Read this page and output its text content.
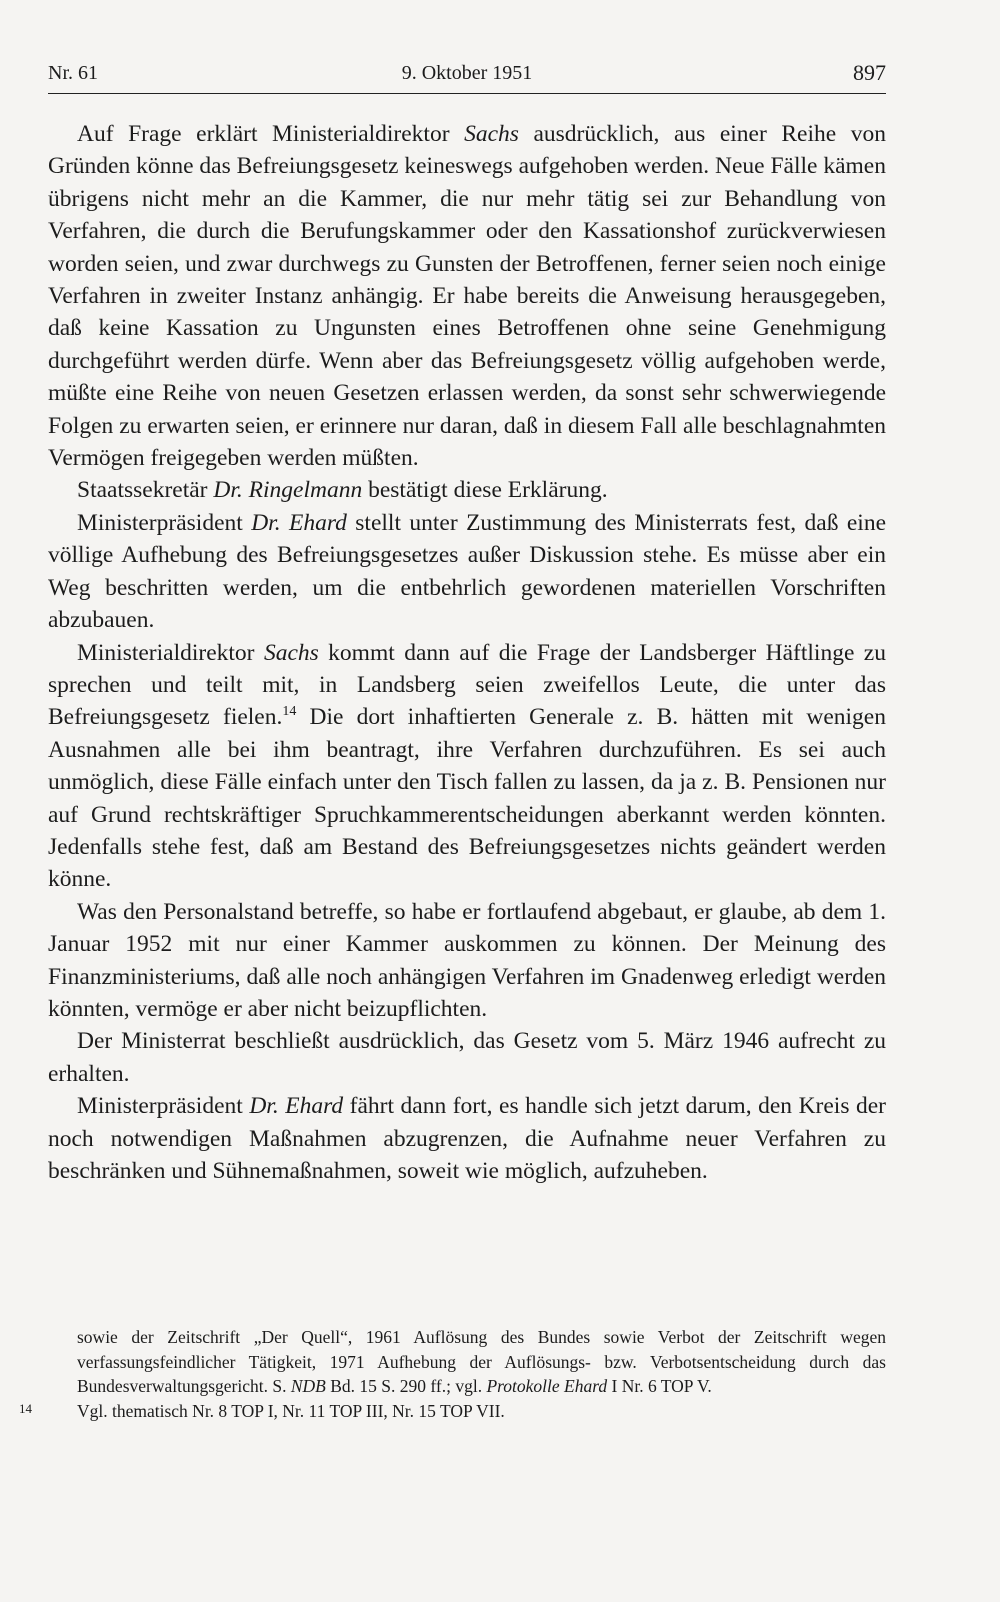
Nr. 61	9. Oktober 1951	897

Auf Frage erklärt Ministerialdirektor Sachs ausdrücklich, aus einer Reihe von Gründen könne das Befreiungsgesetz keineswegs aufgehoben werden. Neue Fälle kämen übrigens nicht mehr an die Kammer, die nur mehr tätig sei zur Behandlung von Verfahren, die durch die Berufungskammer oder den Kassationshof zurückverwiesen worden seien, und zwar durchwegs zu Gunsten der Betroffenen, ferner seien noch einige Verfahren in zweiter Instanz anhängig. Er habe bereits die Anweisung herausgegeben, daß keine Kassation zu Ungunsten eines Betroffenen ohne seine Genehmigung durchgeführt werden dürfe. Wenn aber das Befreiungsgesetz völlig aufgehoben werde, müßte eine Reihe von neuen Gesetzen erlassen werden, da sonst sehr schwerwiegende Folgen zu erwarten seien, er erinnere nur daran, daß in diesem Fall alle beschlagnahmten Vermögen freigegeben werden müßten.

Staatssekretär Dr. Ringelmann bestätigt diese Erklärung.

Ministerpräsident Dr. Ehard stellt unter Zustimmung des Ministerrats fest, daß eine völlige Aufhebung des Befreiungsgesetzes außer Diskussion stehe. Es müsse aber ein Weg beschritten werden, um die entbehrlich gewordenen materiellen Vorschriften abzubauen.

Ministerialdirektor Sachs kommt dann auf die Frage der Landsberger Häftlinge zu sprechen und teilt mit, in Landsberg seien zweifellos Leute, die unter das Befreiungsgesetz fielen.$^{14}$ Die dort inhaftierten Generale z. B. hätten mit wenigen Ausnahmen alle bei ihm beantragt, ihre Verfahren durchzuführen. Es sei auch unmöglich, diese Fälle einfach unter den Tisch fallen zu lassen, da ja z. B. Pensionen nur auf Grund rechtskräftiger Spruchkammerentscheidungen aberkannt werden könnten. Jedenfalls stehe fest, daß am Bestand des Befreiungsgesetzes nichts geändert werden könne.

Was den Personalstand betreffe, so habe er fortlaufend abgebaut, er glaube, ab dem 1. Januar 1952 mit nur einer Kammer auskommen zu können. Der Meinung des Finanzministeriums, daß alle noch anhängigen Verfahren im Gnadenweg erledigt werden könnten, vermöge er aber nicht beizupflichten.

Der Ministerrat beschließt ausdrücklich, das Gesetz vom 5. März 1946 aufrecht zu erhalten.

Ministerpräsident Dr. Ehard fährt dann fort, es handle sich jetzt darum, den Kreis der noch notwendigen Maßnahmen abzugrenzen, die Aufnahme neuer Verfahren zu beschränken und Sühnemaßnahmen, soweit wie möglich, aufzuheben.

sowie der Zeitschrift „Der Quell“, 1961 Auflösung des Bundes sowie Verbot der Zeitschrift wegen verfassungsfeindlicher Tätigkeit, 1971 Aufhebung der Auflösungs- bzw. Verbotsentscheidung durch das Bundesverwaltungsgericht. S. NDB Bd. 15 S. 290 ff.; vgl. Protokolle Ehard I Nr. 6 TOP V.

14	Vgl. thematisch Nr. 8 TOP I, Nr. 11 TOP III, Nr. 15 TOP VII.
